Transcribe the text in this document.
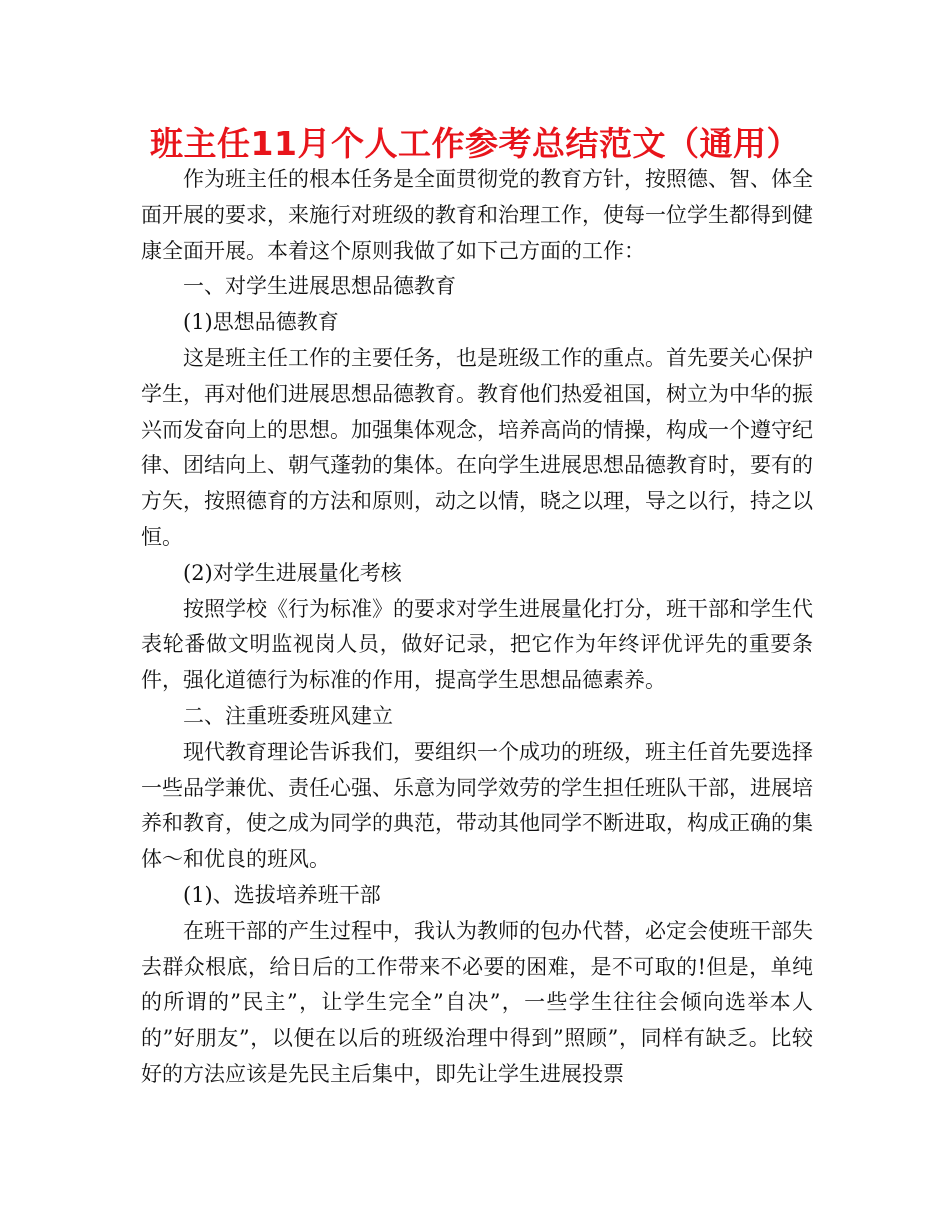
班主任11月个人工作参考总结范文（通用）

作为班主任的根本任务是全面贯彻党的教育方针，按照德、智、体全面开展的要求，来施行对班级的教育和治理工作，使每一位学生都得到健康全面开展。本着这个原则我做了如下己方面的工作：

一、对学生进展思想品德教育

(1)思想品德教育

这是班主任工作的主要任务，也是班级工作的重点。首先要关心保护学生，再对他们进展思想品德教育。教育他们热爱祖国，树立为中华的振兴而发奋向上的思想。加强集体观念，培养高尚的情操，构成一个遵守纪律、团结向上、朝气蓬勃的集体。在向学生进展思想品德教育时，要有的方矢，按照德育的方法和原则，动之以情，晓之以理，导之以行，持之以恒。

(2)对学生进展量化考核

按照学校《行为标准》的要求对学生进展量化打分，班干部和学生代表轮番做文明监视岗人员，做好记录，把它作为年终评优评先的重要条件，强化道德行为标准的作用，提高学生思想品德素养。

二、注重班委班风建立

现代教育理论告诉我们，要组织一个成功的班级，班主任首先要选择一些品学兼优、责任心强、乐意为同学效劳的学生担任班队干部，进展培养和教育，使之成为同学的典范，带动其他同学不断进取，构成正确的集体～和优良的班风。

(1)、选拔培养班干部

在班干部的产生过程中，我认为教师的包办代替，必定会使班干部失去群众根底，给日后的工作带来不必要的困难，是不可取的!但是，单纯的所谓的”民主”，让学生完全”自决”，一些学生往往会倾向选举本人的”好朋友”，以便在以后的班级治理中得到”照顾”，同样有缺乏。比较好的方法应该是先民主后集中，即先让学生进展投票
